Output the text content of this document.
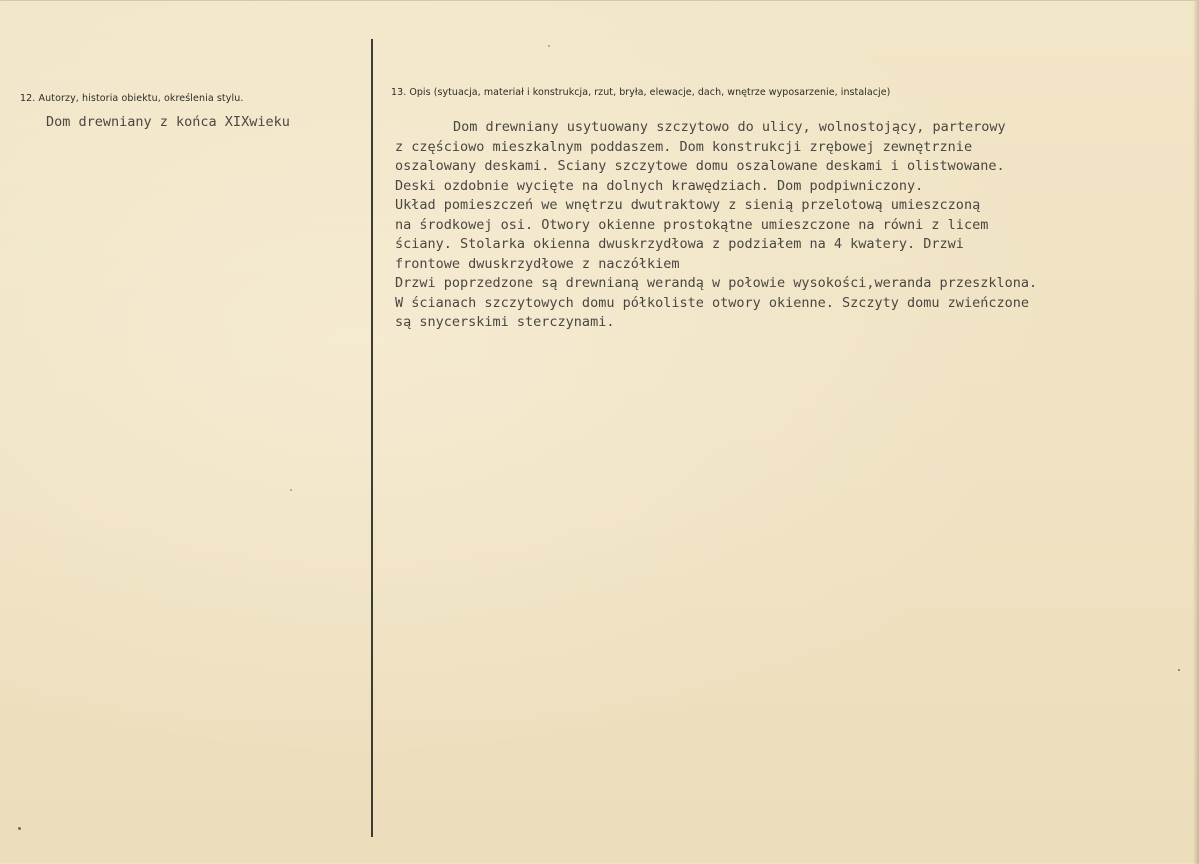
12. Autorzy, historia obiektu, określenia stylu.
Dom drewniany z końca XIXwieku
13. Opis (sytuacja, materiał i konstrukcja, rzut, bryła, elewacje, dach, wnętrze wyposarzenie, instalacje)
Dom drewniany usytuowany szczytowo do ulicy, wolnostojący, parterowy
z częściowo mieszkalnym poddaszem. Dom konstrukcji zrębowej zewnętrznie
oszalowany deskami. Sciany szczytowe domu oszalowane deskami i olistwowane.
Deski ozdobnie wycięte na dolnych krawędziach. Dom podpiwniczony.
Układ pomieszczeń we wnętrzu dwutraktowy z sienią przelotową umieszczoną
na środkowej osi. Otwory okienne prostokątne umieszczone na równi z licem
ściany. Stolarka okienna dwuskrzydłowa z podziałem na 4 kwatery. Drzwi
frontowe dwuskrzydłowe z naczółkiem
Drzwi poprzedzone są drewnianą werandą w połowie wysokości,weranda przeszklona.
W ścianach szczytowych domu półkoliste otwory okienne. Szczyty domu zwieńczone
są snycerskimi sterczynami.
